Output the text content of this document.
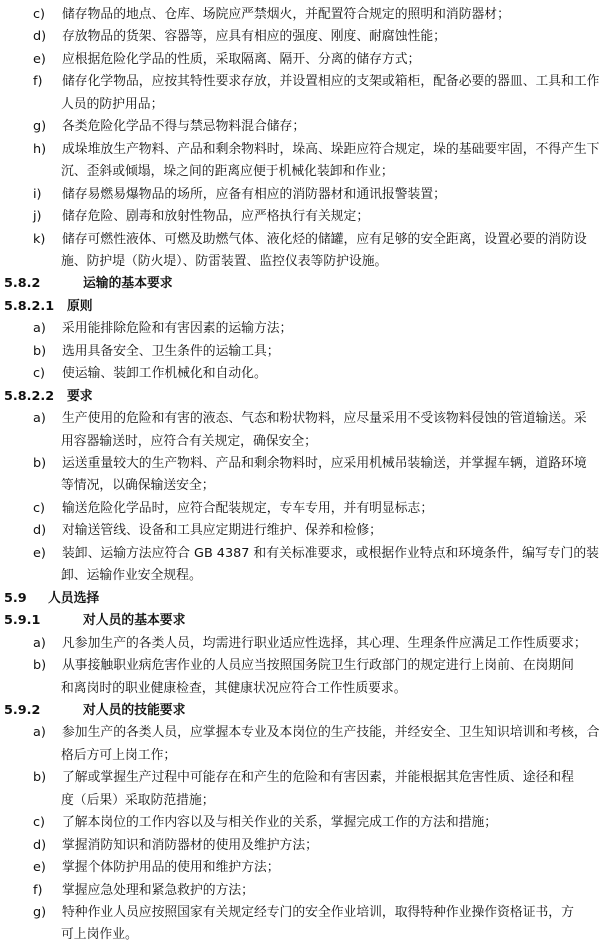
c) 储存物品的地点、仓库、场院应严禁烟火，并配置符合规定的照明和消防器材；
d) 存放物品的货架、容器等，应具有相应的强度、刚度、耐腐蚀性能；
e) 应根据危险化学品的性质，采取隔离、隔开、分离的储存方式；
f) 储存化学物品，应按其特性要求存放，并设置相应的支架或箱柜，配备必要的器皿、工具和工作
人员的防护用品；
g) 各类危险化学品不得与禁忌物料混合储存；
h) 成垛堆放生产物料、产品和剩余物料时，垛高、垛距应符合规定，垛的基础要牢固，不得产生下
沉、歪斜或倾塌，垛之间的距离应便于机械化装卸和作业；
i) 储存易燃易爆物品的场所，应备有相应的消防器材和通讯报警装置；
j) 储存危险、剧毒和放射性物品，应严格执行有关规定；
k) 储存可燃性液体、可燃及助燃气体、液化烃的储罐，应有足够的安全距离，设置必要的消防设
施、防护堤（防火堤）、防雷装置、监控仪表等防护设施。
5.8.2	运输的基本要求
5.8.2.1 原则
a) 采用能排除危险和有害因素的运输方法；
b) 选用具备安全、卫生条件的运输工具；
c) 使运输、装卸工作机械化和自动化。
5.8.2.2 要求
a) 生产使用的危险和有害的液态、气态和粉状物料，应尽量采用不受该物料侵蚀的管道输送。采
用容器输送时，应符合有关规定，确保安全；
b) 运送重量较大的生产物料、产品和剩余物料时，应采用机械吊装输送，并掌握车辆，道路环境
等情况，以确保输送安全；
c) 输送危险化学品时，应符合配装规定，专车专用，并有明显标志；
d) 对输送管线、设备和工具应定期进行维护、保养和检修；
e) 装卸、运输方法应符合 GB 4387 和有关标准要求，或根据作业特点和环境条件，编写专门的装
卸、运输作业安全规程。
5.9 人员选择
5.9.1	对人员的基本要求
a) 凡参加生产的各类人员，均需进行职业适应性选择，其心理、生理条件应满足工作性质要求；
b) 从事接触职业病危害作业的人员应当按照国务院卫生行政部门的规定进行上岗前、在岗期间
和离岗时的职业健康检查，其健康状况应符合工作性质要求。
5.9.2	对人员的技能要求
a) 参加生产的各类人员，应掌握本专业及本岗位的生产技能，并经安全、卫生知识培训和考核，合
格后方可上岗工作；
b) 了解或掌握生产过程中可能存在和产生的危险和有害因素，并能根据其危害性质、途径和程
度（后果）采取防范措施；
c) 了解本岗位的工作内容以及与相关作业的关系，掌握完成工作的方法和措施；
d) 掌握消防知识和消防器材的使用及维护方法；
e) 掌握个体防护用品的使用和维护方法；
f) 掌握应急处理和紧急救护的方法；
g) 特种作业人员应按照国家有关规定经专门的安全作业培训，取得特种作业操作资格证书，方
可上岗作业。
